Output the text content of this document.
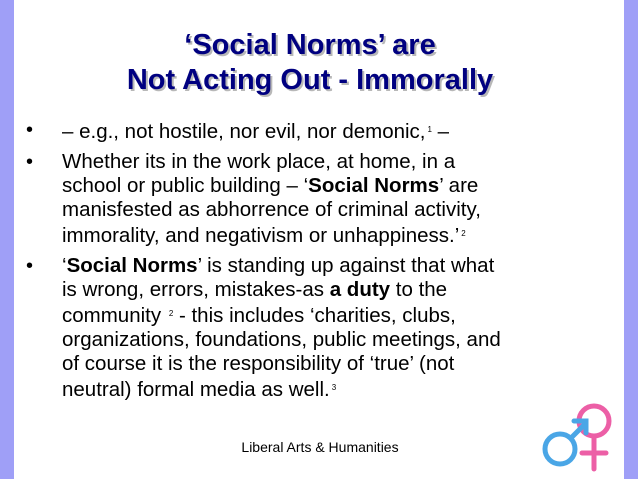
‘Social Norms’ are
Not Acting Out - Immorally
• – e.g., not hostile, nor evil, nor demonic, $^1$ –
• Whether its in the work place, at home, in a
school or public building – ‘Social Norms’ are
manisfested as abhorrence of criminal activity,
immorality, and negativism or unhappiness.’ $^2$
• ‘Social Norms’ is standing up against that what
is wrong, errors, mistakes-as a duty to the
community $^2$ - this includes ‘charities, clubs,
organizations, foundations, public meetings, and
of course it is the responsibility of ‘true’ (not
neutral) formal media as well. $^3$
Liberal Arts & Humanities
